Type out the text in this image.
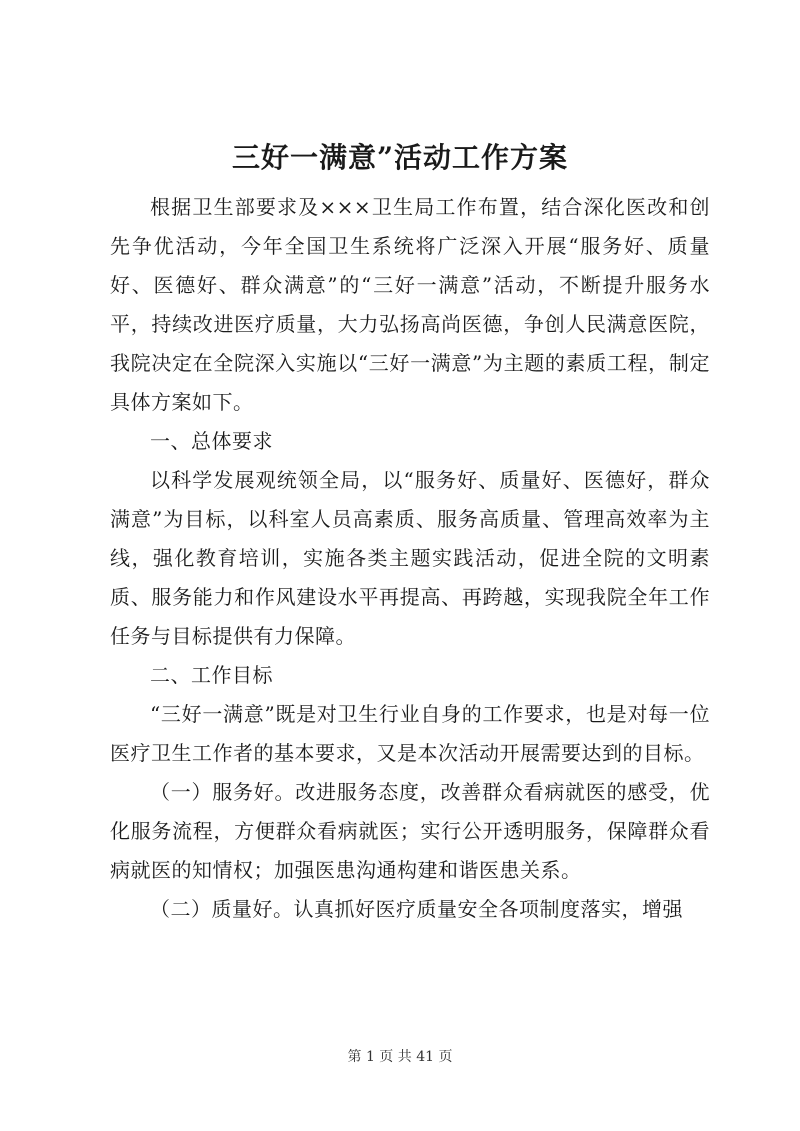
三好一满意”活动工作方案

根据卫生部要求及×××卫生局工作布置，结合深化医改和创先争优活动，今年全国卫生系统将广泛深入开展“服务好、质量好、医德好、群众满意”的“三好一满意”活动，不断提升服务水平，持续改进医疗质量，大力弘扬高尚医德，争创人民满意医院，我院决定在全院深入实施以“三好一满意”为主题的素质工程，制定具体方案如下。

一、总体要求

以科学发展观统领全局，以“服务好、质量好、医德好，群众满意”为目标，以科室人员高素质、服务高质量、管理高效率为主线，强化教育培训，实施各类主题实践活动，促进全院的文明素质、服务能力和作风建设水平再提高、再跨越，实现我院全年工作任务与目标提供有力保障。

二、工作目标

“三好一满意”既是对卫生行业自身的工作要求，也是对每一位医疗卫生工作者的基本要求，又是本次活动开展需要达到的目标。

（一）服务好。改进服务态度，改善群众看病就医的感受，优化服务流程，方便群众看病就医；实行公开透明服务，保障群众看病就医的知情权；加强医患沟通构建和谐医患关系。

（二）质量好。认真抓好医疗质量安全各项制度落实，增强

第 1 页 共 41 页
